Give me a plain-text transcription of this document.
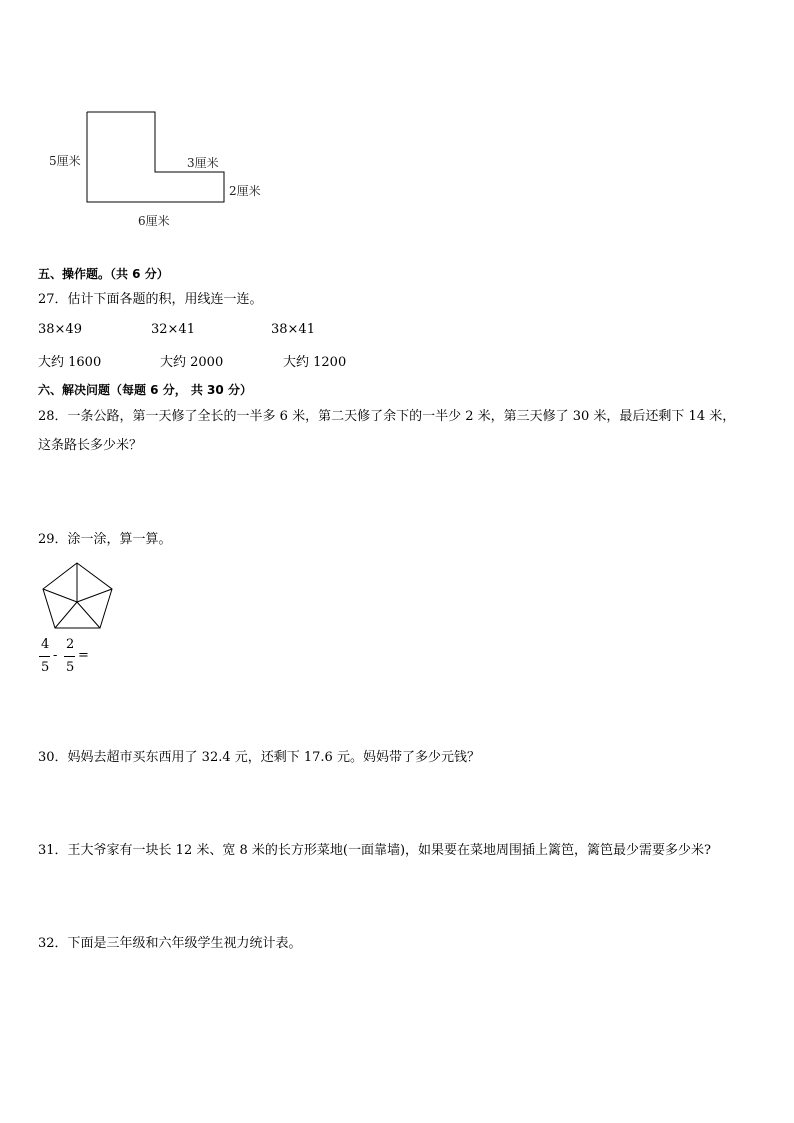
5厘米	3厘米
2厘米
6厘米
五、操作题。（共 6 分）
27．估计下面各题的积，用线连一连。
38×49	32×41	38×41
大约 1600	大约 2000	大约 1200
六、解决问题（每题 6 分， 共 30 分）
28．一条公路，第一天修了全长的一半多 6 米，第二天修了余下的一半少 2 米，第三天修了 30 米，最后还剩下 14 米，
这条路长多少米？
29．涂一涂，算一算。
4
5
-
2
5
=
30．妈妈去超市买东西用了 32.4 元，还剩下 17.6 元。妈妈带了多少元钱？
31．王大爷家有一块长 12 米、宽 8 米的长方形菜地(一面靠墙)，如果要在菜地周围插上篱笆，篱笆最少需要多少米?
32．下面是三年级和六年级学生视力统计表。
